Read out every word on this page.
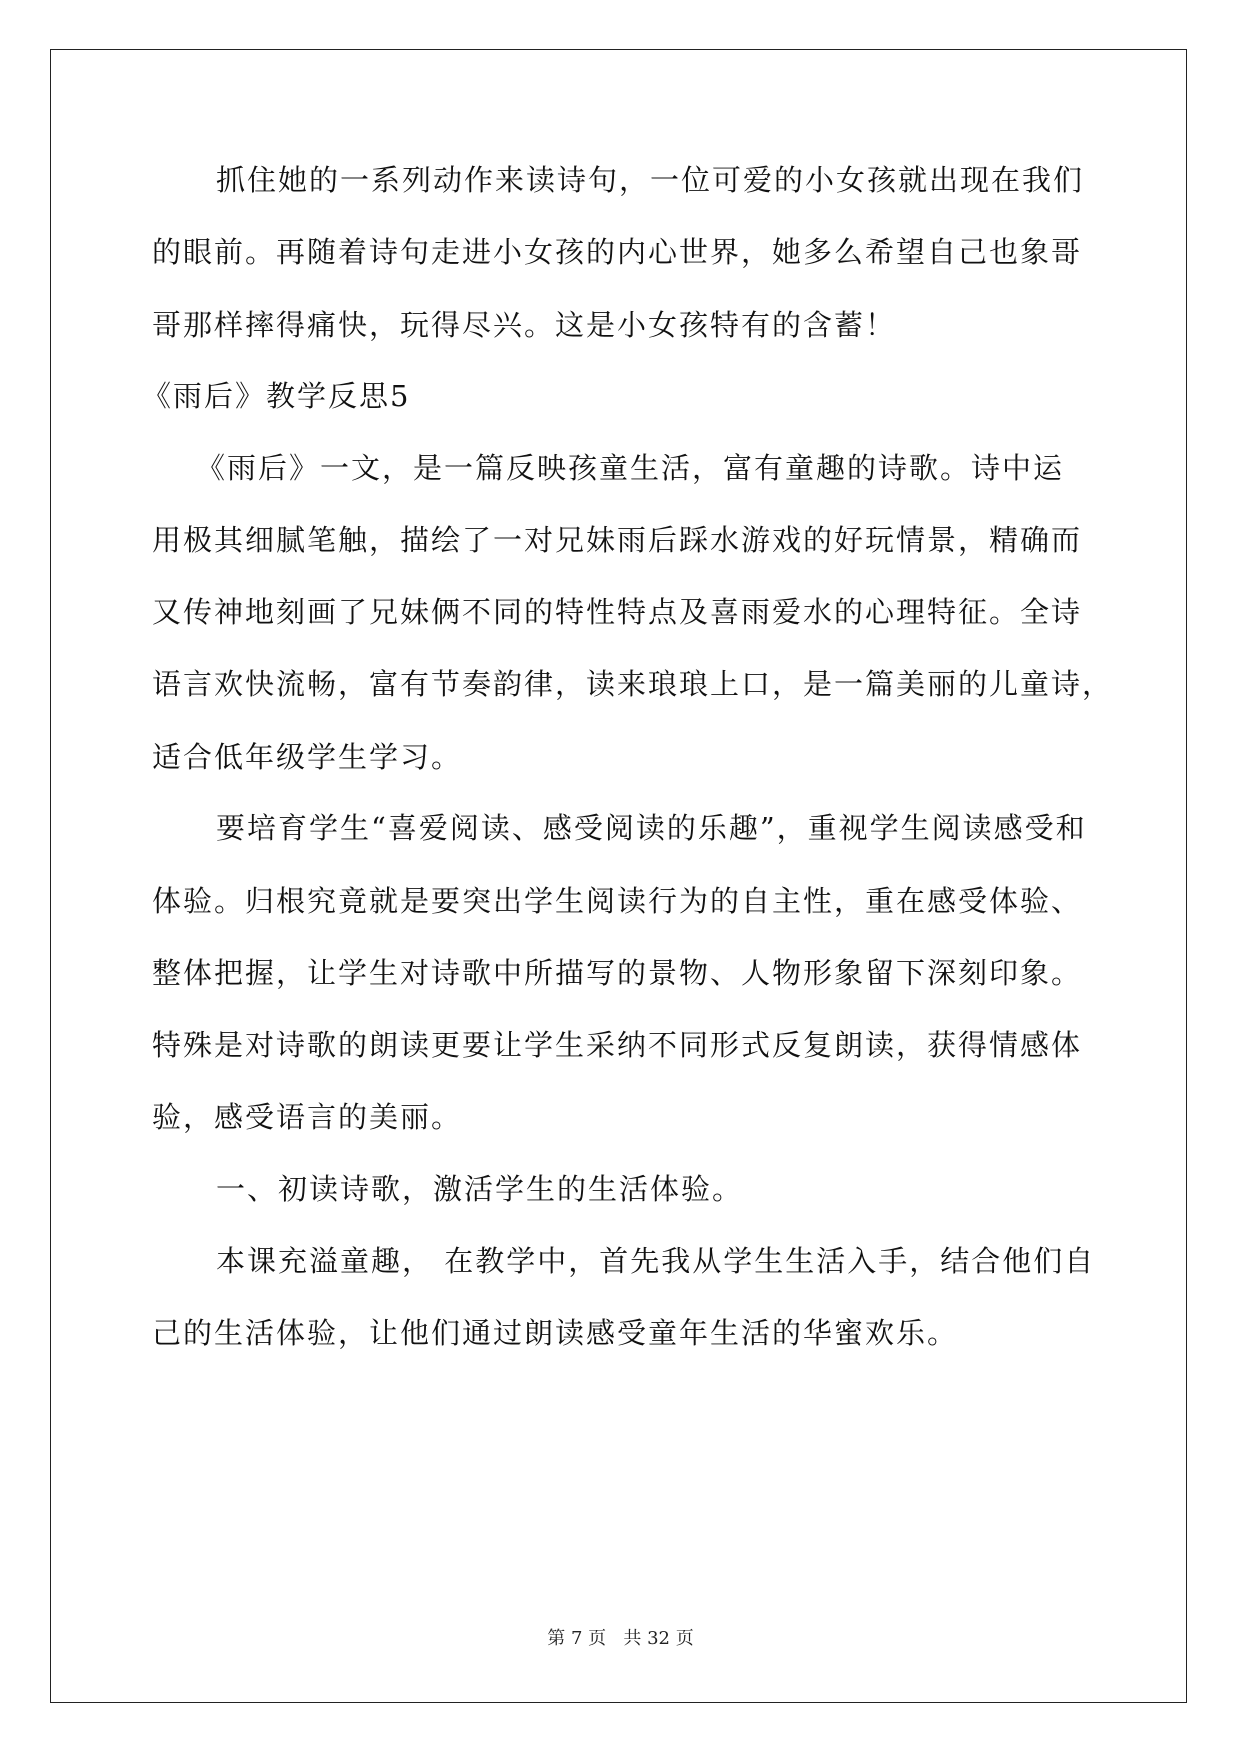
抓住她的一系列动作来读诗句，一位可爱的小女孩就出现在我们
的眼前。再随着诗句走进小女孩的内心世界，她多么希望自己也象哥
哥那样摔得痛快，玩得尽兴。这是小女孩特有的含蓄！
《雨后》教学反思5
《雨后》一文，是一篇反映孩童生活，富有童趣的诗歌。诗中运
用极其细腻笔触，描绘了一对兄妹雨后踩水游戏的好玩情景，精确而
又传神地刻画了兄妹俩不同的特性特点及喜雨爱水的心理特征。全诗
语言欢快流畅，富有节奏韵律，读来琅琅上口，是一篇美丽的儿童诗，
适合低年级学生学习。
要培育学生“喜爱阅读、感受阅读的乐趣”，重视学生阅读感受和
体验。归根究竟就是要突出学生阅读行为的自主性，重在感受体验、
整体把握，让学生对诗歌中所描写的景物、人物形象留下深刻印象。
特殊是对诗歌的朗读更要让学生采纳不同形式反复朗读，获得情感体
验，感受语言的美丽。
一、初读诗歌，激活学生的生活体验。
本课充溢童趣， 在教学中，首先我从学生生活入手，结合他们自
己的生活体验，让他们通过朗读感受童年生活的华蜜欢乐。
第 7 页   共 32 页
